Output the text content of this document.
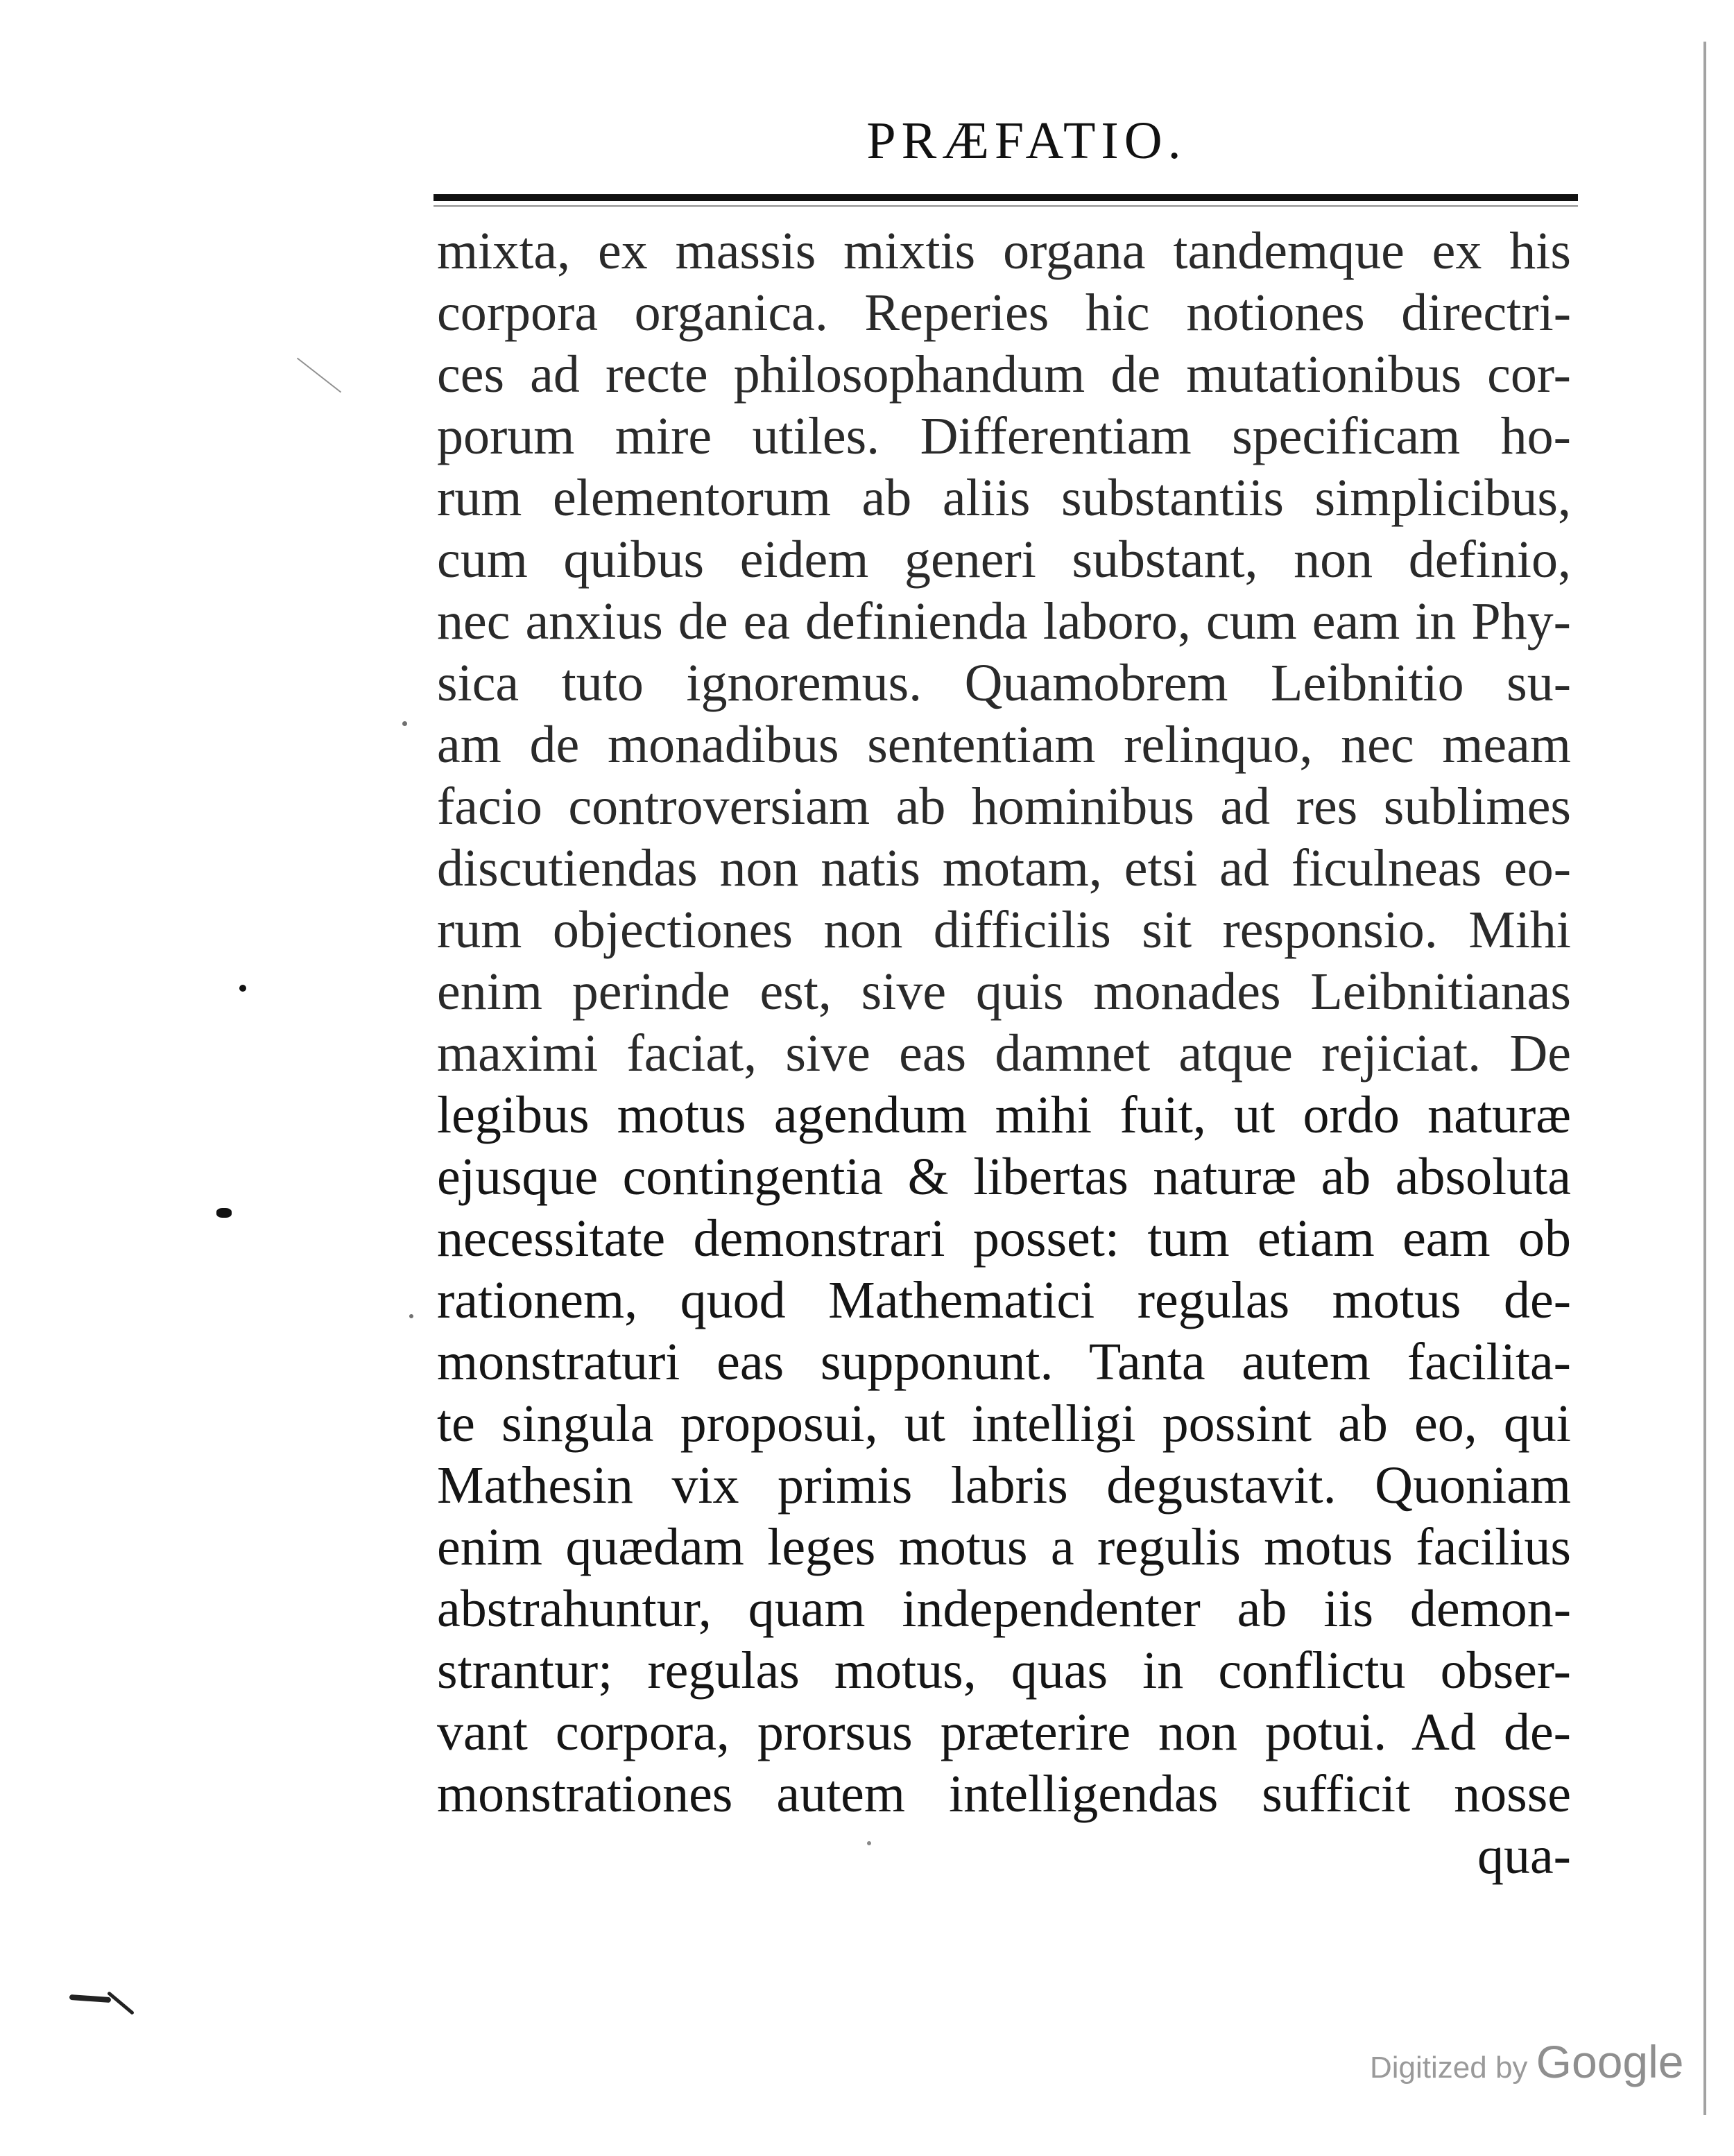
PRÆFATIO.
mixta, ex massis mixtis organa tandemque ex his
corpora organica. Reperies hic notiones directri-
ces ad recte philosophandum de mutationibus cor-
porum mire utiles. Differentiam specificam ho-
rum elementorum ab aliis substantiis simplicibus,
cum quibus eidem generi substant, non definio,
nec anxius de ea definienda laboro, cum eam in Phy-
sica tuto ignoremus. Quamobrem Leibnitio su-
am de monadibus sententiam relinquo, nec meam
facio controversiam ab hominibus ad res sublimes
discutiendas non natis motam, etsi ad ficulneas eo-
rum objectiones non difficilis sit responsio. Mihi
enim perinde est, sive quis monades Leibnitianas
maximi faciat, sive eas damnet atque rejiciat. De
legibus motus agendum mihi fuit, ut ordo naturæ
ejusque contingentia & libertas naturæ ab absoluta
necessitate demonstrari posset: tum etiam eam ob
rationem, quod Mathematici regulas motus de-
monstraturi eas supponunt. Tanta autem facilita-
te singula proposui, ut intelligi possint ab eo, qui
Mathesin vix primis labris degustavit. Quoniam
enim quædam leges motus a regulis motus facilius
abstrahuntur, quam independenter ab iis demon-
strantur; regulas motus, quas in conflictu obser-
vant corpora, prorsus præterire non potui. Ad de-
monstrationes autem intelligendas sufficit nosse
qua-
Digitized by Google
